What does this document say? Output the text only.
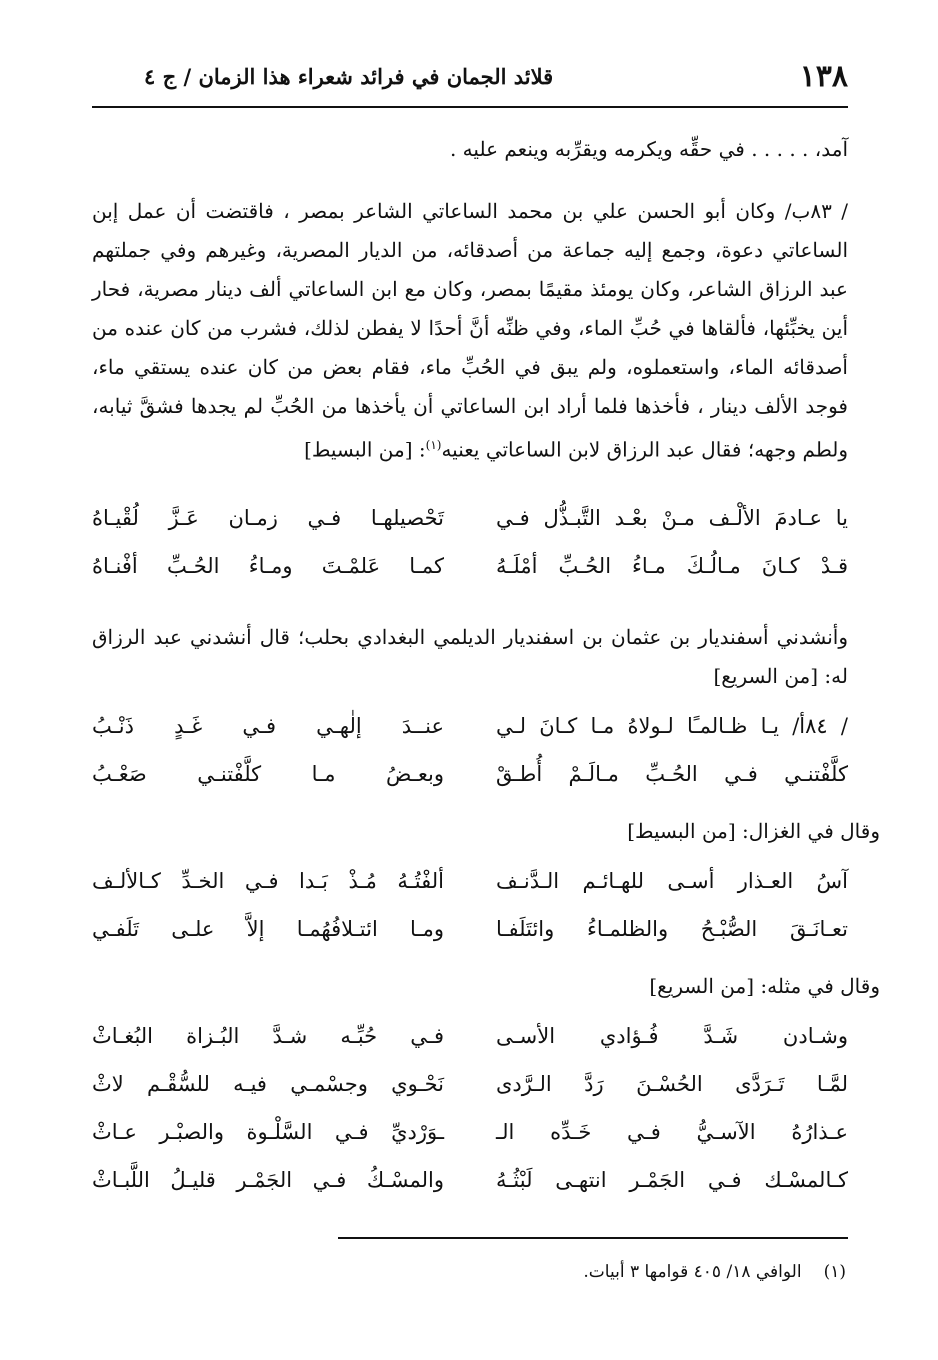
١٣٨
قلائد الجمان في فرائد شعراء هذا الزمان / ج ٤

آمد، . . . . . في حقِّه ويكرمه ويقرِّبه وينعم عليه .

/ ٨٣ب/ وكان أبو الحسن علي بن محمد الساعاتي الشاعر بمصر ، فاقتضت أن عمل إبن الساعاتي دعوة، وجمع إليه جماعة من أصدقائه، من الديار المصرية، وغيرهم وفي جملتهم عبد الرزاق الشاعر، وكان يومئذ مقيمًا بمصر، وكان مع ابن الساعاتي ألف دينار مصرية، فحار أين يخبِّئها، فألقاها في حُبِّ الماء، وفي ظنِّه أنَّ أحدًا لا يفطن لذلك، فشرب من كان عنده من أصدقائه الماء، واستعملوه، ولم يبق في الحُبِّ ماء، فقام بعض من كان عنده يستقي ماء، فوجد الألف دينار ، فأخذها فلما أراد ابن الساعاتي أن يأخذها من الحُبِّ لم يجدها فشقَّ ثيابه، ولطم وجهه؛ فقال عبد الرزاق لابن الساعاتي يعنيه$^{(١)}$: [من البسيط]

يا عـادمَ الألْـف مـنْ بعْـد التَّبـذُّل فـي
تَحْصيلهـا فـي زمـان عَـزَّ لُقْيـاهُ
قـدْ كـانَ مـالُـكَ مـاءُ الحُـبِّ أمْلَـهُ
كمـا عَلمْـتَ ومـاءُ الحُـبِّ أفْنـاهُ

وأنشدني أسفنديار بن عثمان بن اسفنديار الديلمي البغدادي بحلب؛ قال أنشدني عبد الرزاق له: [من السريع]

/ ٨٤أ/ يـا ظـالمـًا لـولاهُ مـا كـانَ لـي
عنــدَ إلٰهـي فـي غَـدٍ ذَنْـبُ
كلَّفْتنـي فـي الحُـبِّ مـالَـمْ أُطـقْ
وبعـضُ مـا كلَّفْتنـي صَعْـبُ
وقال في الغزال: [من البسيط]
آسُ العـذار أسـى للهـائـم الـدَّنـف
ألفْتُـهُ مُـذْ بَـدا فـي الخـدِّ كـالألـف
تعـانَـقَ الصُّبْـحُ والظلمـاءُ وائتَلَفـا
ومـا ائتـلافُهُمـا إلاَّ علـى تَلَفـي
وقال في مثله: [من السريع]
وشـادن شَـدَّ فُـؤادي الأسـى
فـي حُبِّـه شـدَّ البُـزاة البُغـاثْ
لمَّـا تَـرَدَّى الحُسْـنَ رَدَّ الـرَّدى
نَحْـوي وجسْمـي فيـه للسُّقْـم لاثْ
عـذارُهُ الآسـيُّ فـي خَـدِّه الـ
ـوَرْديِّ فـي السَّلْـوة والصبْـر عـاثْ
كـالمسْـك فـي الجَمْـر انتهـى لَبْثُـهُ
والمسْـكُ فـي الجَمْـر قليـلُ اللَّبـاثْ
(١)الوافي ١٨/ ٤٠٥ قوامها ٣ أبيات.
